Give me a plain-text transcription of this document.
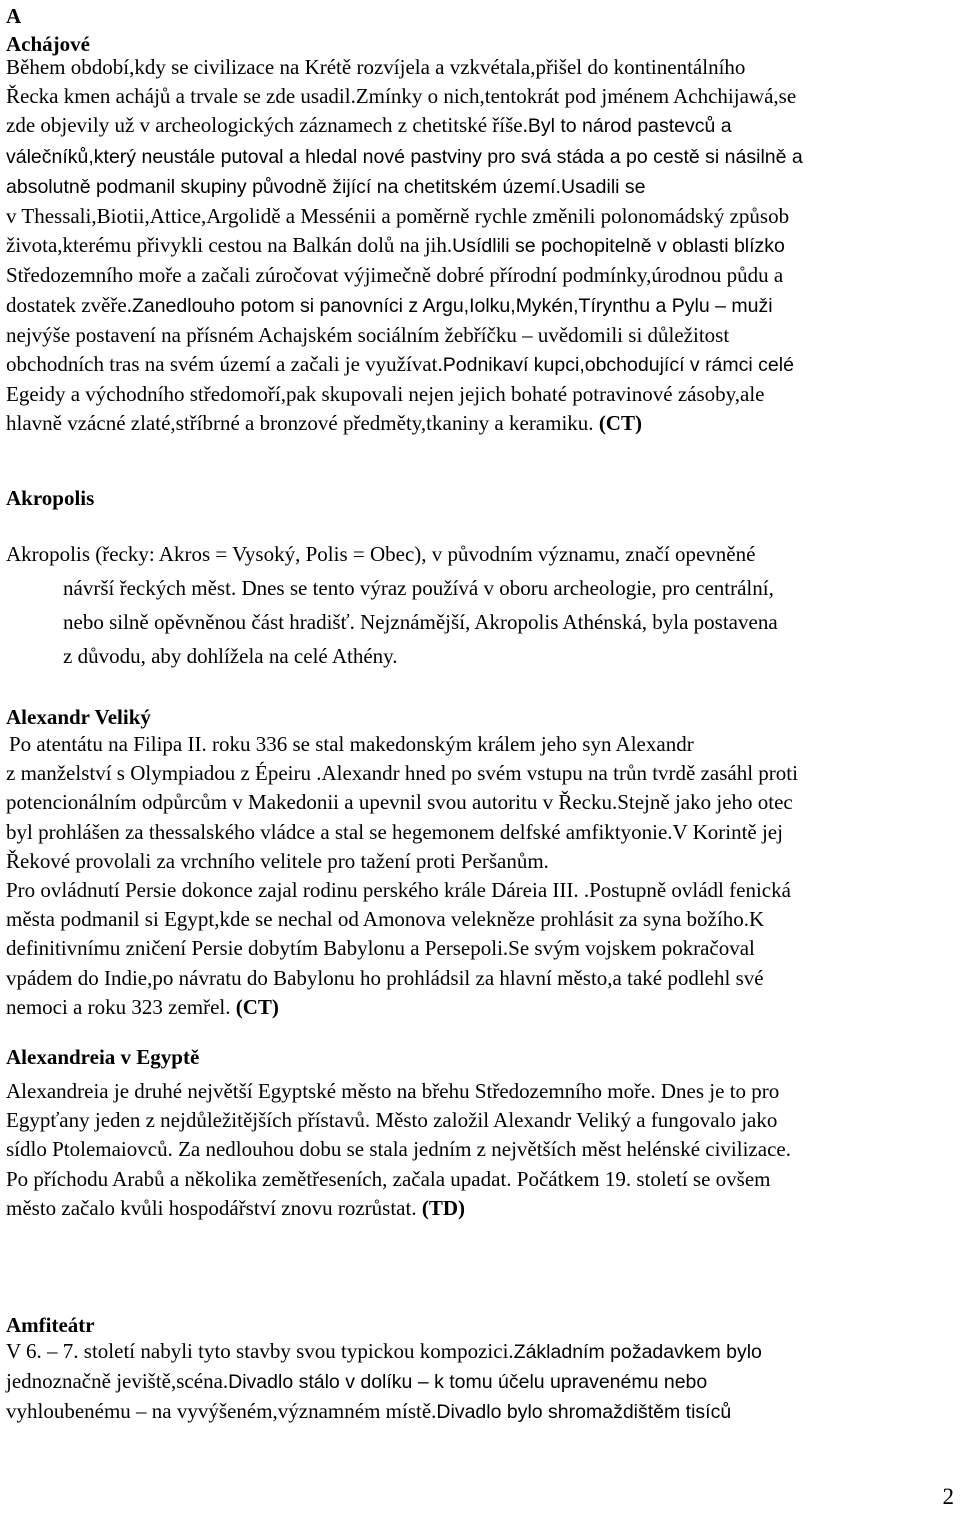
A
Achájové
Během období,kdy se civilizace na Krétě rozvíjela a vzkvétala,přišel do kontinentálního Řecka kmen achájů a trvale se zde usadil.Zmínky o nich,tentokrát pod jménem Achchijawá,se zde objevily už v archeologických záznamech z chetitské říše.Byl to národ pastevců a válečníků,který neustále putoval a hledal nové pastviny pro svá stáda a po cestě si násilně a absolutně podmanil skupiny původně žijící na chetitském území.Usadili se v Thessali,Biotii,Attice,Argolidě a Messénii a poměrně rychle změnili polonomádský způsob života,kterému přivykli cestou na Balkán dolů na jih.Usídlili se pochopitelně v oblasti blízko Středozemního moře a začali zúročovat výjimečně dobré přírodní podmínky,úrodnou půdu a dostatek zvěře.Zanedlouho potom si panovníci z Argu,Iolku,Mykén,Tírynthu a Pylu – muži nejvýše postavení na přísném Achajském sociálním žebříčku – uvědomili si důležitost obchodních tras na svém území a začali je využívat.Podnikaví kupci,obchodující v rámci celé Egeidy a východního středomoří,pak skupovali nejen jejich bohaté potravinové zásoby,ale hlavně vzácné zlaté,stříbrné a bronzové předměty,tkaniny a keramiku. (CT)
Akropolis
Akropolis (řecky: Akros = Vysoký, Polis = Obec), v původním významu, značí opevněné návrší řeckých měst. Dnes se tento výraz používá v oboru archeologie, pro centrální, nebo silně opěvněnou část hradišť. Nejznámější, Akropolis Athénská, byla postavena z důvodu, aby dohlížela na celé Athény.
Alexandr Veliký
Po atentátu na Filipa II. roku 336 se stal makedonským králem jeho syn Alexandr z manželství s Olympiadou z Épeiru .Alexandr hned po svém vstupu na trůn tvrdě zasáhl proti potencionálním odpůrcům v Makedonii a upevnil svou autoritu v Řecku.Stejně jako jeho otec byl prohlášen za thessalského vládce a stal se hegemonem delfské amfiktyonie.V Korintě jej Řekové provolali za vrchního velitele pro tažení proti Peršanům. Pro ovládnutí Persie dokonce zajal rodinu perského krále Dáreia III. .Postupně ovládl fenická města podmanil si Egypt,kde se nechal od Amonova velekněze prohlásit za syna božího.K definitivnímu zničení Persie dobytím Babylonu a Persepoli.Se svým vojskem pokračoval vpádem do Indie,po návratu do Babylonu ho prohládsil za hlavní město,a také podlehl své nemoci a roku 323 zemřel. (CT)
Alexandreia v Egyptě
Alexandreia je druhé největší Egyptské město na břehu Středozemního moře. Dnes je to pro Egypťany jeden z nejdůležitějších přístavů. Město založil Alexandr Veliký a fungovalo jako sídlo Ptolemaiovců. Za nedlouhou dobu se stala jedním z největších měst helénské civilizace. Po příchodu Arabů a několika zemětřeseních, začala upadat. Počátkem 19. století se ovšem město začalo kvůli hospodářství znovu rozrůstat. (TD)
Amfiteátr
V 6. – 7. století nabyli tyto stavby svou typickou kompozici.Základním požadavkem bylo jednoznačně jeviště,scéna.Divadlo stálo v dolíku – k tomu účelu upravenému nebo vyhloubenému – na vyvýšeném,významném místě.Divadlo bylo shromaždištěm tisíců
2
